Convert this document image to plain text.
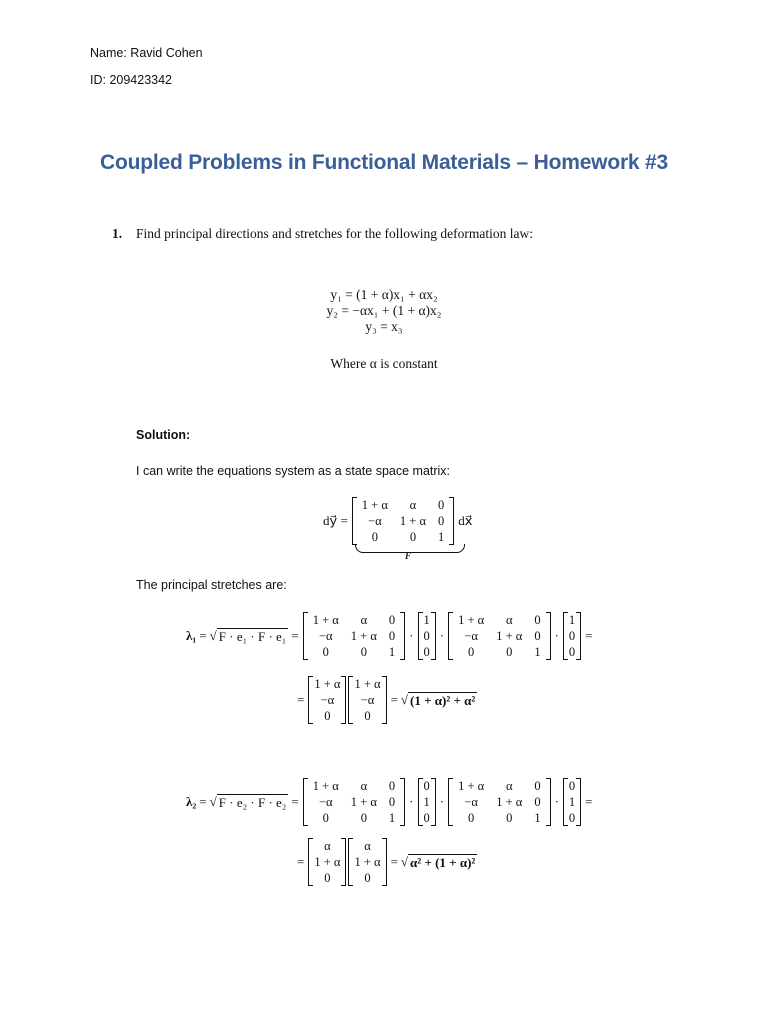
Name: Ravid Cohen
ID: 209423342
Coupled Problems in Functional Materials – Homework #3
1. Find principal directions and stretches for the following deformation law:
y₁ = (1 + α)x₁ + αx₂
y₂ = −αx₁ + (1 + α)x₂
y₃ = x₃
Where α is constant
Solution:
I can write the equations system as a state space matrix:
dy⃗ =
1 + α	α	0
−α	1 + α	0
0	0	1
dx⃗
F
The principal stretches are:
λ₁ = √ F · e₁ · F · e₁ =
1 + α	α	0
−α	1 + α	0
0	0	1
·
1
0
0
·
1 + α	α	0
−α	1 + α	0
0	0	1
·
1
0
0
=
=
1 + α
−α
0
1 + α
−α
0
= √ (1 + α)² + α²
λ₂ = √ F · e₂ · F · e₂ =
1 + α	α	0
−α	1 + α	0
0	0	1
·
0
1
0
·
1 + α	α	0
−α	1 + α	0
0	0	1
·
0
1
0
=
=
α
1 + α
0
α
1 + α
0
= √ α² + (1 + α)²
